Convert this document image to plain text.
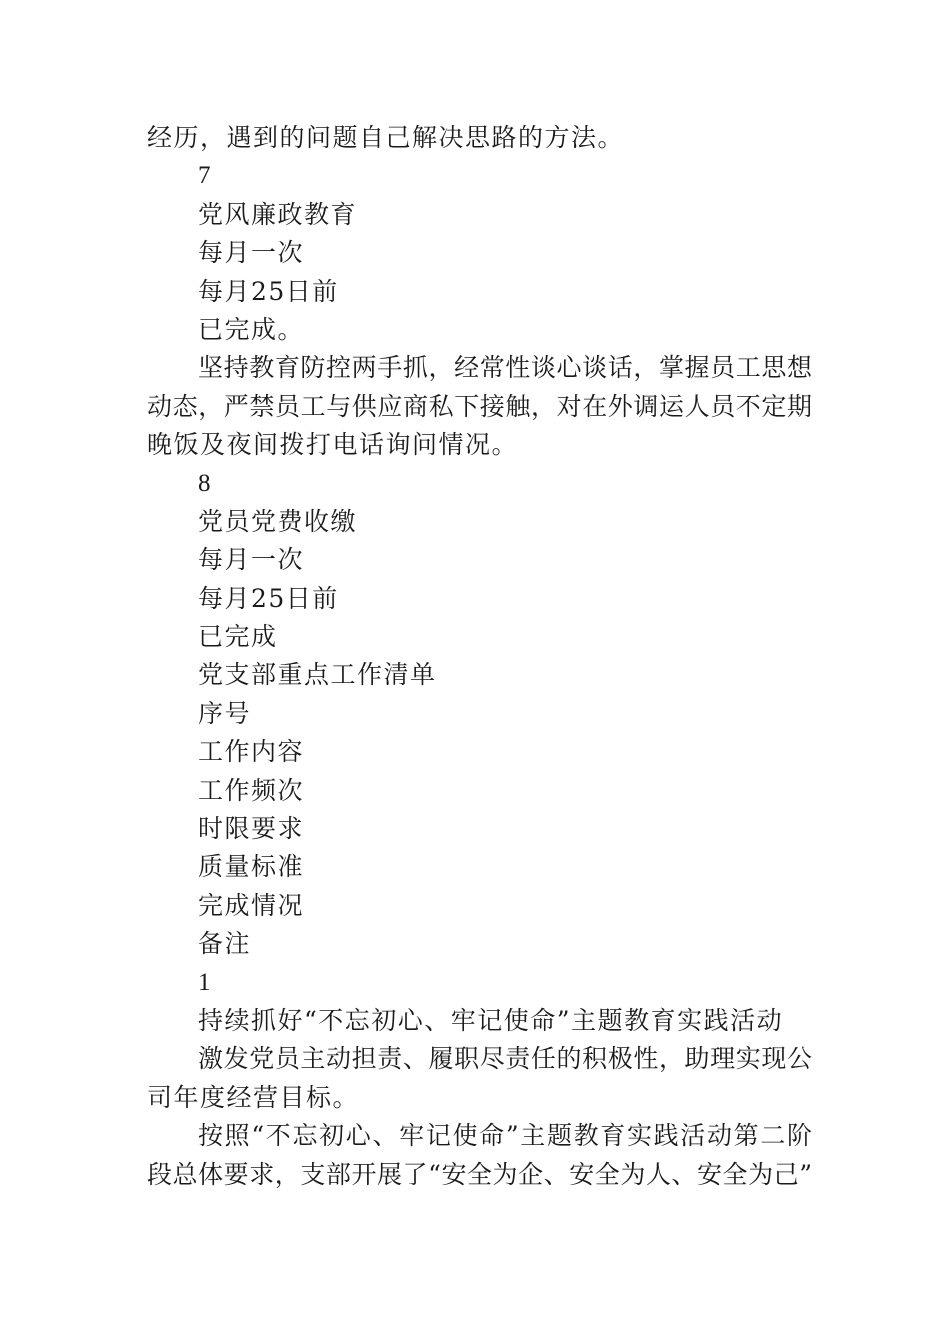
经历，遇到的问题自己解决思路的方法。
7
党风廉政教育
每月一次
每月25日前
已完成。
坚持教育防控两手抓，经常性谈心谈话，掌握员工思想
动态，严禁员工与供应商私下接触，对在外调运人员不定期
晚饭及夜间拨打电话询问情况。
8
党员党费收缴
每月一次
每月25日前
已完成
党支部重点工作清单
序号
工作内容
工作频次
时限要求
质量标准
完成情况
备注
1
持续抓好“不忘初心、牢记使命”主题教育实践活动
激发党员主动担责、履职尽责任的积极性，助理实现公
司年度经营目标。
按照“不忘初心、牢记使命”主题教育实践活动第二阶
段总体要求，支部开展了“安全为企、安全为人、安全为己”
